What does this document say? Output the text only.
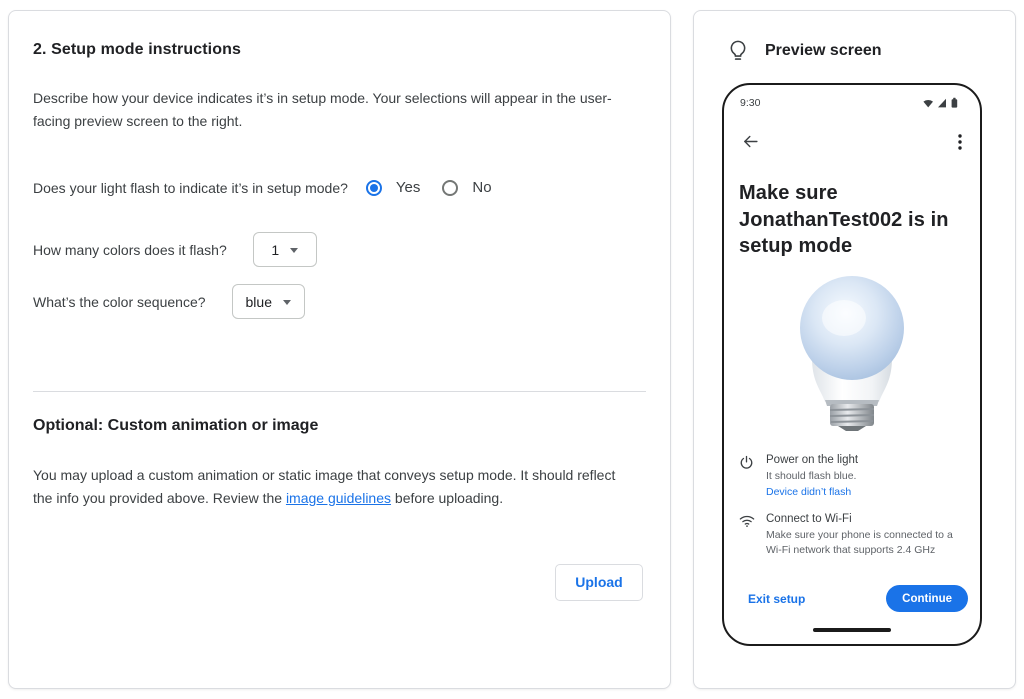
2. Setup mode instructions

Describe how your device indicates it’s in setup mode. Your selections will appear in the user-facing preview screen to the right.

Does your light flash to indicate it’s in setup mode?	Yes	No
How many colors does it flash?	1
What’s the color sequence?	blue
Optional: Custom animation or image

You may upload a custom animation or static image that conveys setup mode. It should reflect the info you provided above. Review the image guidelines before uploading.

Upload
Preview screen
9:30
Make sure JonathanTest002 is in setup mode
Power on the light
It should flash blue.
Device didn’t flash
Connect to Wi-Fi
Make sure your phone is connected to a Wi-Fi network that supports 2.4 GHz
Exit setup	Continue
